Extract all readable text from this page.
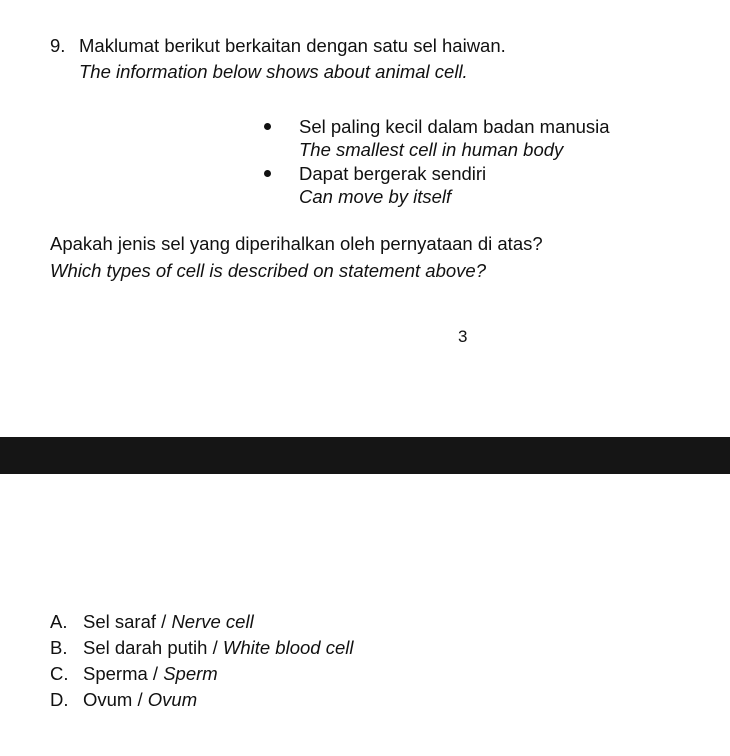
9. Maklumat berikut berkaitan dengan satu sel haiwan.
The information below shows about animal cell.
Sel paling kecil dalam badan manusia
The smallest cell in human body
Dapat bergerak sendiri
Can move by itself
Apakah jenis sel yang diperihalkan oleh pernyataan di atas?
Which types of cell is described on statement above?
3
A. Sel saraf / Nerve cell
B. Sel darah putih / White blood cell
C. Sperma / Sperm
D. Ovum / Ovum
